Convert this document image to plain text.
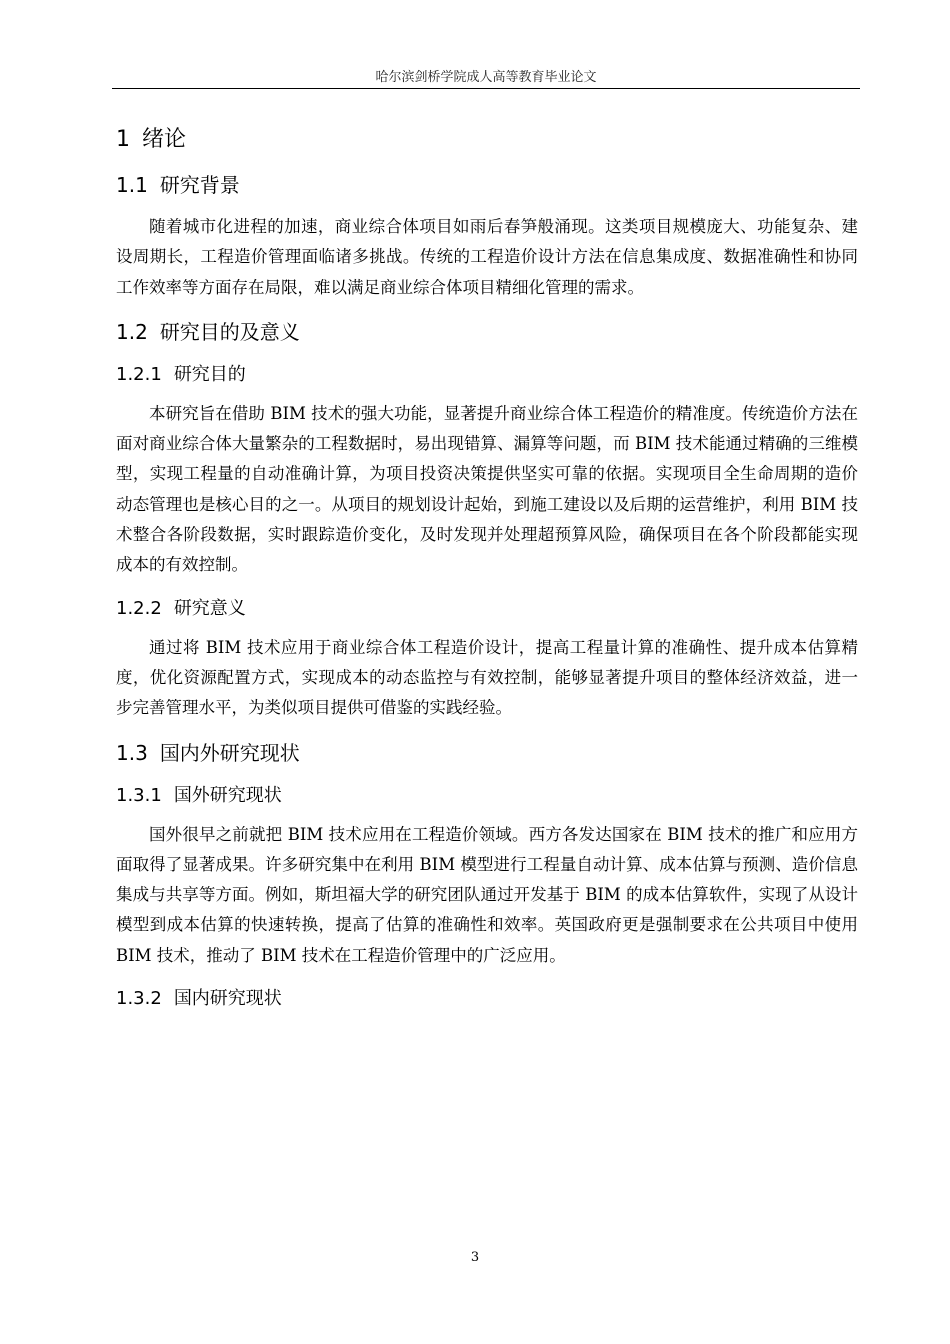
哈尔滨剑桥学院成人高等教育毕业论文
1 绪论
1.1 研究背景

随着城市化进程的加速，商业综合体项目如雨后春笋般涌现。这类项目规模庞大、功能复杂、建设周期长，工程造价管理面临诸多挑战。传统的工程造价设计方法在信息集成度、数据准确性和协同工作效率等方面存在局限，难以满足商业综合体项目精细化管理的需求。

1.2 研究目的及意义
1.2.1 研究目的

本研究旨在借助 BIM 技术的强大功能，显著提升商业综合体工程造价的精准度。传统造价方法在面对商业综合体大量繁杂的工程数据时，易出现错算、漏算等问题，而 BIM 技术能通过精确的三维模型，实现工程量的自动准确计算，为项目投资决策提供坚实可靠的依据。实现项目全生命周期的造价动态管理也是核心目的之一。从项目的规划设计起始，到施工建设以及后期的运营维护，利用 BIM 技术整合各阶段数据，实时跟踪造价变化，及时发现并处理超预算风险，确保项目在各个阶段都能实现成本的有效控制。

1.2.2 研究意义

通过将 BIM 技术应用于商业综合体工程造价设计，提高工程量计算的准确性、提升成本估算精度，优化资源配置方式，实现成本的动态监控与有效控制，能够显著提升项目的整体经济效益，进一步完善管理水平，为类似项目提供可借鉴的实践经验。

1.3 国内外研究现状
1.3.1 国外研究现状

国外很早之前就把 BIM 技术应用在工程造价领域。西方各发达国家在 BIM 技术的推广和应用方面取得了显著成果。许多研究集中在利用 BIM 模型进行工程量自动计算、成本估算与预测、造价信息集成与共享等方面。例如，斯坦福大学的研究团队通过开发基于 BIM 的成本估算软件，实现了从设计模型到成本估算的快速转换，提高了估算的准确性和效率。英国政府更是强制要求在公共项目中使用 BIM 技术，推动了 BIM 技术在工程造价管理中的广泛应用。

1.3.2 国内研究现状
3
